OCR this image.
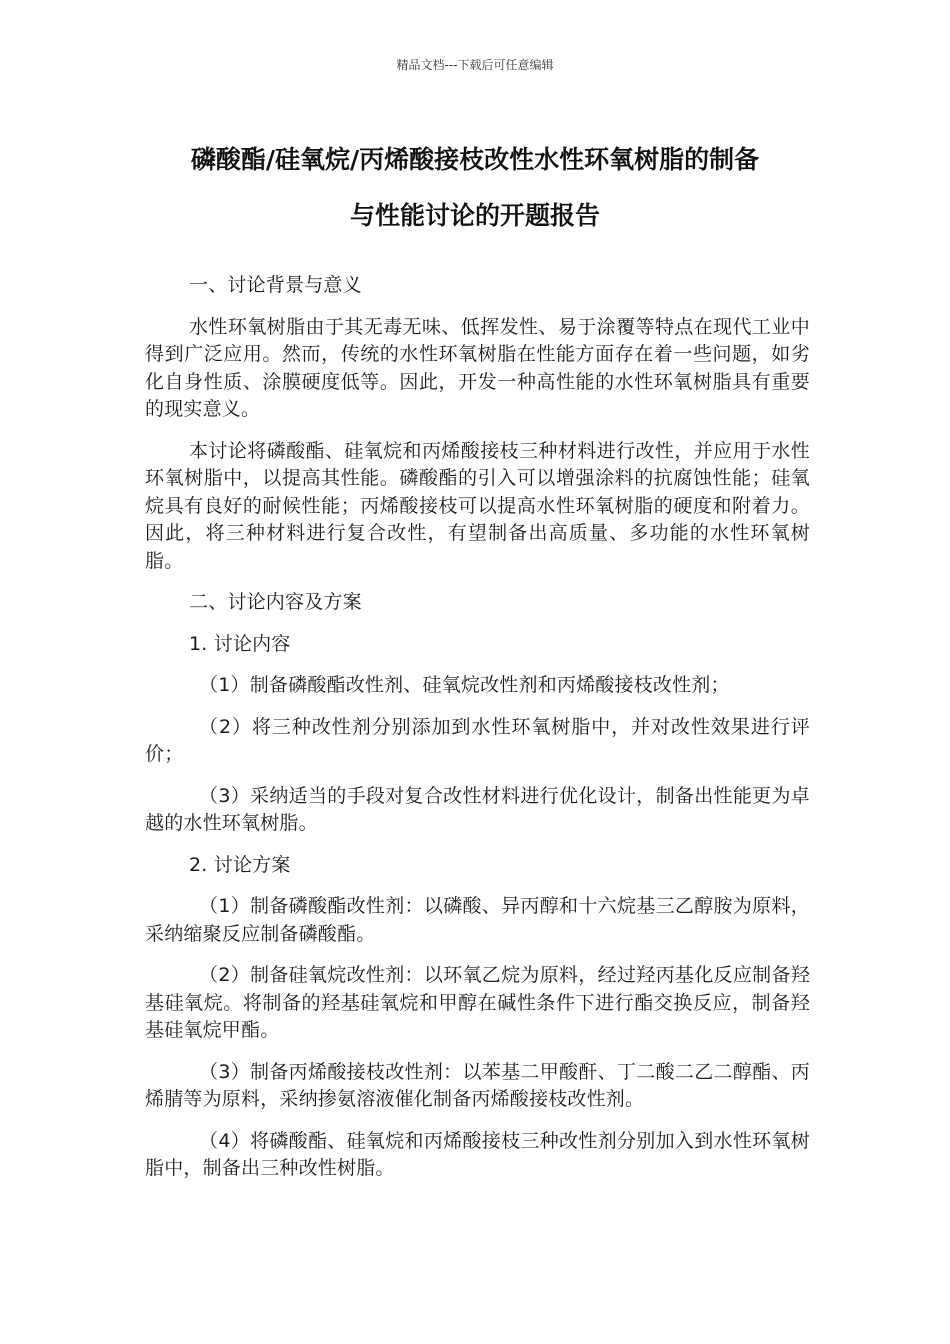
精品文档---下载后可任意编辑
磷酸酯/硅氧烷/丙烯酸接枝改性水性环氧树脂的制备
与性能讨论的开题报告

一、讨论背景与意义

水性环氧树脂由于其无毒无味、低挥发性、易于涂覆等特点在现代工业中得到广泛应用。然而，传统的水性环氧树脂在性能方面存在着一些问题，如劣化自身性质、涂膜硬度低等。因此，开发一种高性能的水性环氧树脂具有重要的现实意义。

本讨论将磷酸酯、硅氧烷和丙烯酸接枝三种材料进行改性，并应用于水性环氧树脂中，以提高其性能。磷酸酯的引入可以增强涂料的抗腐蚀性能；硅氧烷具有良好的耐候性能；丙烯酸接枝可以提高水性环氧树脂的硬度和附着力。因此，将三种材料进行复合改性，有望制备出高质量、多功能的水性环氧树脂。

二、讨论内容及方案

1. 讨论内容

（1）制备磷酸酯改性剂、硅氧烷改性剂和丙烯酸接枝改性剂；

（2）将三种改性剂分别添加到水性环氧树脂中，并对改性效果进行评价；

（3）采纳适当的手段对复合改性材料进行优化设计，制备出性能更为卓越的水性环氧树脂。

2. 讨论方案

（1）制备磷酸酯改性剂：以磷酸、异丙醇和十六烷基三乙醇胺为原料，采纳缩聚反应制备磷酸酯。

（2）制备硅氧烷改性剂：以环氧乙烷为原料，经过羟丙基化反应制备羟基硅氧烷。将制备的羟基硅氧烷和甲醇在碱性条件下进行酯交换反应，制备羟基硅氧烷甲酯。

（3）制备丙烯酸接枝改性剂：以苯基二甲酸酐、丁二酸二乙二醇酯、丙烯腈等为原料，采纳掺氨溶液催化制备丙烯酸接枝改性剂。

（4）将磷酸酯、硅氧烷和丙烯酸接枝三种改性剂分别加入到水性环氧树脂中，制备出三种改性树脂。
